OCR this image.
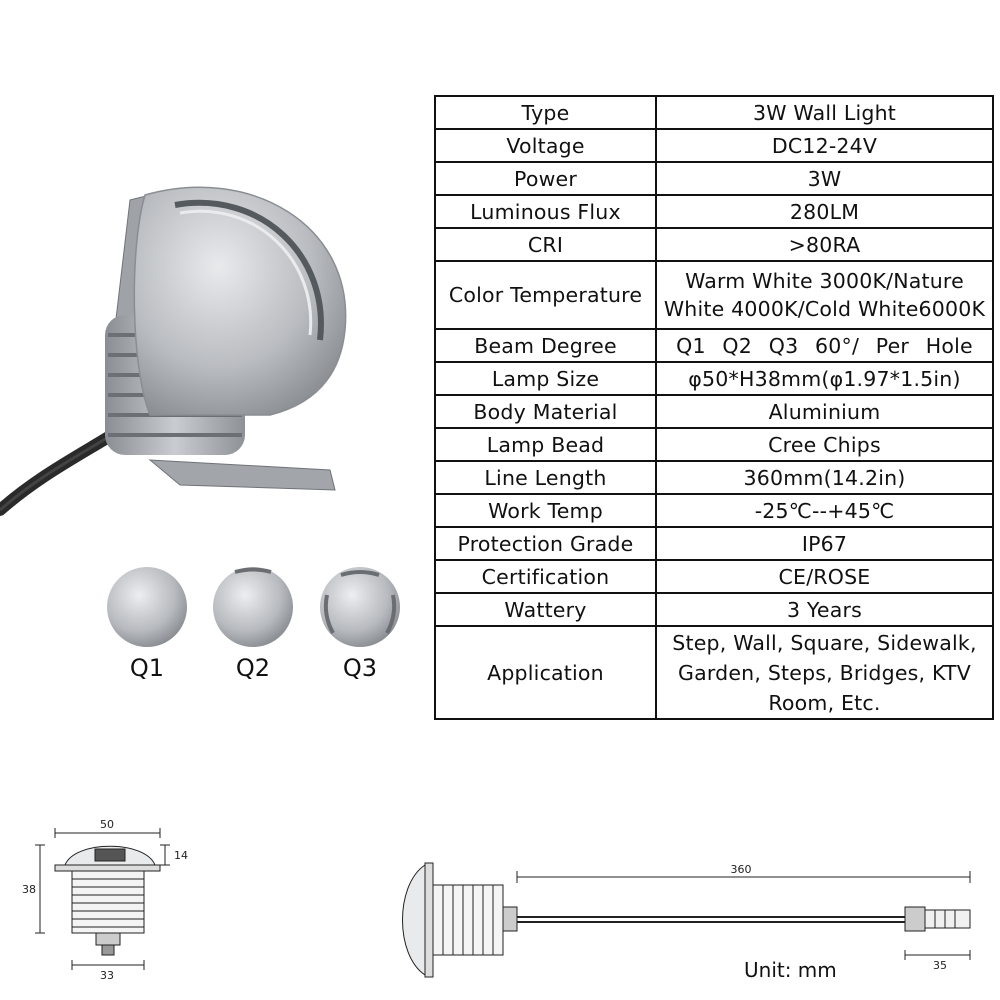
Q1	Q2	Q3
Type	3W Wall Light
Voltage	DC12-24V
Power	3W
Luminous Flux	280LM
CRI	>80RA
Color Temperature	Warm White 3000K/Nature White 4000K/Cold White6000K
Beam Degree	Q1 Q2 Q3 60°/ Per Hole
Lamp Size	φ50*H38mm(φ1.97*1.5in)
Body Material	Aluminium
Lamp Bead	Cree Chips
Line Length	360mm(14.2in)
Work Temp	-25℃--+45℃
Protection Grade	IP67
Certification	CE/ROSE
Wattery	3 Years
Application	Step, Wall, Square, Sidewalk, Garden, Steps, Bridges, KTV Room, Etc.
50
14
38
33
360
35
Unit: mm
